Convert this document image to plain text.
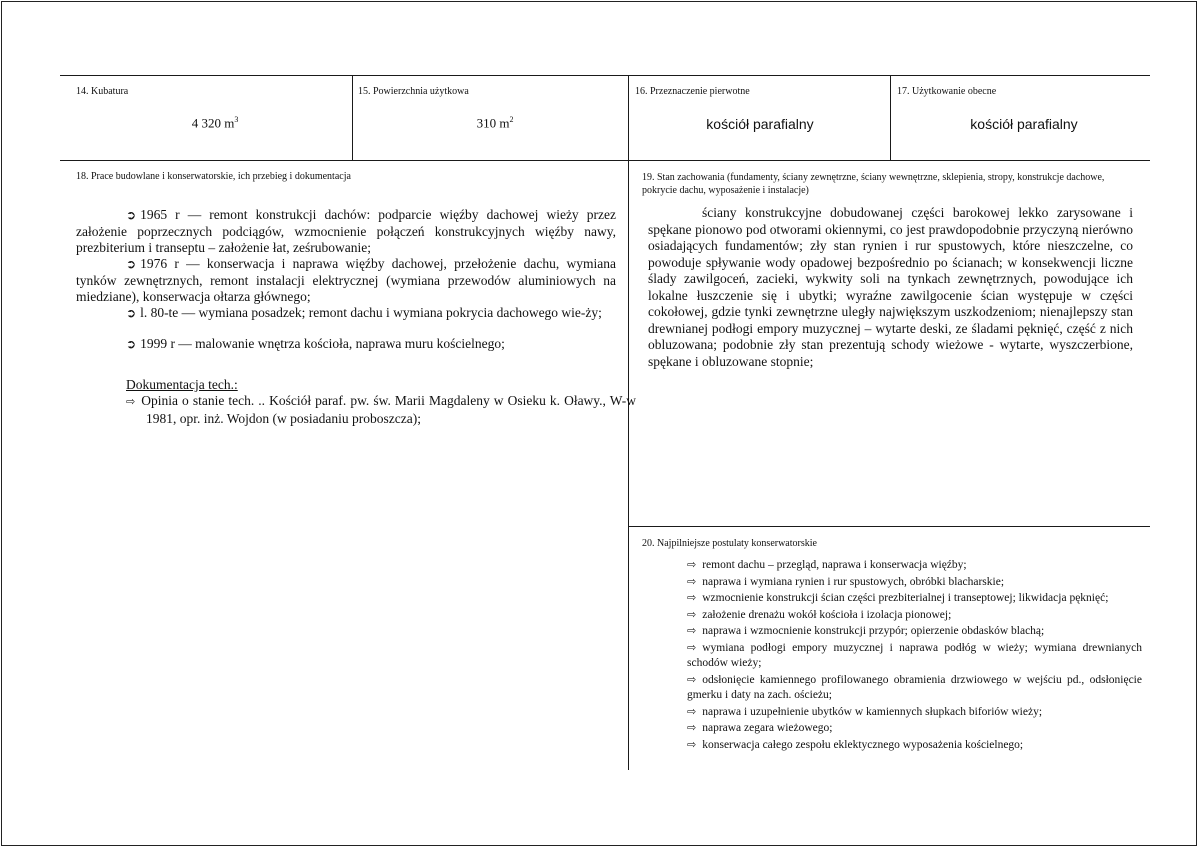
14. Kubatura
4 320 $m^3$
15. Powierzchnia użytkowa
310 $m^2$
16. Przeznaczenie pierwotne
kościół parafialny
17. Użytkowanie obecne
kościół parafialny
18. Prace budowlane i konserwatorskie, ich przebieg i dokumentacja
➲ 1965 r — remont konstrukcji dachów: podparcie więźby dachowej wieży przez założenie poprzecznych podciągów, wzmocnienie połączeń konstrukcyjnych więźby nawy, prezbiterium i transeptu – założenie łat, ześrubowanie;
➲ 1976 r — konserwacja i naprawa więźby dachowej, przełożenie dachu, wymiana tynków zewnętrznych, remont instalacji elektrycznej (wymiana przewodów aluminiowych na miedziane), konserwacja ołtarza głównego;
➲ l. 80-te — wymiana posadzek; remont dachu i wymiana pokrycia dachowego wie-ży;
➲ 1999 r — malowanie wnętrza kościoła, naprawa muru kościelnego;
Dokumentacja tech.:
⇨ Opinia o stanie tech. .. Kościół paraf. pw. św. Marii Magdaleny w Osieku k. Oławy., W-w 1981, opr. inż. Wojdon (w posiadaniu proboszcza);
19. Stan zachowania (fundamenty, ściany zewnętrzne, ściany wewnętrzne, sklepienia, stropy, konstrukcje dachowe, pokrycie dachu, wyposażenie i instalacje)
ściany konstrukcyjne dobudowanej części barokowej lekko zarysowane i spękane pionowo pod otworami okiennymi, co jest prawdopodobnie przyczyną nierówno osiadających fundamentów; zły stan rynien i rur spustowych, które nieszczelne, co powoduje spływanie wody opadowej bezpośrednio po ścianach; w konsekwencji liczne ślady zawilgoceń, zacieki, wykwity soli na tynkach zewnętrznych, powodujące ich lokalne łuszczenie się i ubytki; wyraźne zawilgocenie ścian występuje w części cokołowej, gdzie tynki zewnętrzne uległy największym uszkodzeniom; nienajlepszy stan drewnianej podłogi empory muzycznej – wytarte deski, ze śladami pęknięć, część z nich obluzowana; podobnie zły stan prezentują schody wieżowe - wytarte, wyszczerbione, spękane i obluzowane stopnie;
20. Najpilniejsze postulaty konserwatorskie

⇨ remont dachu – przegląd, naprawa i konserwacja więźby;

⇨ naprawa i wymiana rynien i rur spustowych, obróbki blacharskie;

⇨ wzmocnienie konstrukcji ścian części prezbiterialnej i transeptowej; likwidacja pęknięć;

⇨ założenie drenażu wokół kościoła i izolacja pionowej;

⇨ naprawa i wzmocnienie konstrukcji przypór; opierzenie obdasków blachą;

⇨ wymiana podłogi empory muzycznej i naprawa podłóg w wieży; wymiana drewnianych schodów wieży;

⇨ odsłonięcie kamiennego profilowanego obramienia drzwiowego w wejściu pd., odsłonięcie gmerku i daty na zach. ościeżu;

⇨ naprawa i uzupełnienie ubytków w kamiennych słupkach biforiów wieży;

⇨ naprawa zegara wieżowego;

⇨ konserwacja całego zespołu eklektycznego wyposażenia kościelnego;
